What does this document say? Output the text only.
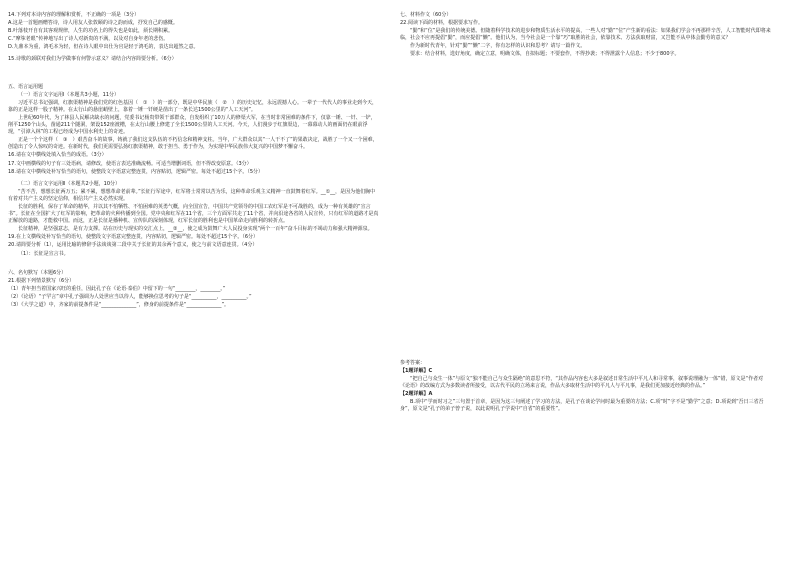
14.下列对本诗内容的理解和赏析，不正确的一项是（3分）

A.这是一首题画赠答诗，诗人用友人张敦颐的诗之韵而成，抒发自己的感慨。

B.叶落枝开自有其客观规律，人生的功名上的得失也是如此，须长期积累。

C.“摩挲老眼”传神地写出了诗人对新贵的不满，以及对自身年老的悲伤。

D.九鼎本为重，鸿毛本为轻，但在诗人眼中出仕为官是轻于鸿毛的，表达出超然之意。

15.诗歌的颈联对我们为学做事有何警示意义？请结合内容简要分析。（6分）

五、语言运用题

（一）语言文字运用Ⅰ（本题共3小题，11分）

习近平总书记强调，红旗渠精神是我们党的红色基因（　①　）的一部分，既是中华民族（　②　）的历史记忆，永远震撼人心。一辈子一代代人的事业走到今天，靠的正是这样一股子精神。在太行山的悬崖峭壁上，靠着一锤一钎硬是凿出了一条长达1500公里的“人工天河”。

上世纪60年代，为了林县人民解决缺水的问题，党委书记杨贵带领干部群众，自发组织了10万人的修渠大军，在当时非常困难的条件下，仅靠一锤、一钎、一铲，削平1250个山头，凿通211个隧洞，架设152座渡槽，在太行山腰上修建了全长1500公里的人工天河。今天，人们漫步于红旗渠边，一幕幕动人的画面仍在眼前浮现，“引漳入林”的工程已经成为中国水利史上的奇迹。

正是一个个这样（　③　）艰苦奋斗的故事，铸就了我们这支队伍的不朽信念和精神支柱。当年，广大群众以其“一人干不了”的果敢决定，战胜了一个又一个困难，创造出了令人惊叹的奇迹。在新时代，我们更需要弘扬红旗渠精神，敢于担当、勇于作为，为实现中华民族伟大复兴的中国梦不懈奋斗。

16.请在文中横线处填入恰当的成语。（3分）

17.文中画横线的句子有三处语病，请修改，使语言表达准确流畅。可适当增删词语，但不得改变原意。（3分）

18.请在文中横线处补写恰当的语句，使整段文字语意完整连贯，内容贴切，逻辑严密。每处不超过15个字。（5分）

（二）语言文字运用Ⅱ（本题共2小题，10分）

“苦不苦，想想长征两万五；累不累，想想革命老前辈。”长征行军途中，红军将士常常以苦为乐，这种革命乐观主义精神一直鼓舞着红军。__①__，是因为他们胸中有着对共产主义的坚定信仰，相信共产主义必然实现。

长征的胜利，保存了革命的精华，并以其不怕牺牲、不怕困难的英勇气概，向全国宣告，中国共产党领导的中国工农红军是不可战胜的，成为一种有英雄的“宣言书”。长征在全国扩大了红军的影响，把革命的火种传播到全国。党中央和红军在11个省，三个方面军共走了11个省，并向沿途各省的人民宣传，只有红军的道路才是真正解放的道路，才能救中国。而这，正是长征是播种机、宣传队的深刻体现，红军长征的胜利也是中国革命走向胜利的转折点。

长征精神，是坚强意志，是有力支撑。站在历史与现实的交汇点上，__②__，使之成为鼓舞广大人民投身实现“两个一百年”奋斗目标的不竭动力和强大精神源泉。

19.在上文横线处补写恰当的语句，使整段文字语意完整连贯，内容贴切，逻辑严密。每处不超过15个字。（6分）

20.请简要分析（1），运用比喻的修辞手法谈谈第二段中关于长征的其余两个意义，使之与前文语意连贯。（4分）

（1）：长征是宣言书。

六、名句默写（本题6分）

21.根据下列情景默写（6分）

（1）青年担当着国家兴旺的重任，因此孔子在《论语·泰伯》中留下的一句“________，________。”

（2）《论语》“子罕言”章中孔子强调为人处世应当以待人，能够换位思考的句子是“__________，__________。”

（3）《大学之道》中，齐家的前提条件是“______________”，修身的前提条件是“______________”。

七、材料作文（60分）

22.阅读下面的材料，根据要求写作。

“勤”和“位”是我们的传统美德。但随着科学技术的进步和物质生活水平的提高，一些人对“勤”“位”产生新的看法：如果我们学会不再那样辛苦，人工智能时代即将来临，社会不应再提倡“勤”，而应提倡“懒”。他们认为，当今社会是一个靠“巧”取胜的社会，依靠技术、方法获取财富，又岂能不从中体会勤劳的意义？

作为新时代青年，针对“勤”“懒”二字，你有怎样的认识和思考？请写一篇作文。

要求：结合材料，选好角度，确定立意，明确文体，自拟标题；不要套作，不得抄袭；不得泄露个人信息；不少于800字。

参考答案：

【1题详解】C

“把自己与众生一体”与原文“独不能自己与众生隔绝”的意思不符，“其作品内容也大多是叙述日常生活中平凡人和寻常事，叙事说理融为一体”错，原文是“作者对《论语》的改编方式为多数读者所接受，以古代平民的立场来言说，作品大多取材生活中的平凡人与平凡事，是我们更加接近经典的作品。”

【2题详解】A

B.项中“学而时习之”三句置于首章，是因为这三句阐述了学习的方法，是孔子在谈论学问时最为重要的方法；C.项“时”字不是“勤学”之意；D.项说到“吾日三省吾身”，原文是“孔子的弟子曾子说，以此说明孔子学说中“自省”的重要性”。
